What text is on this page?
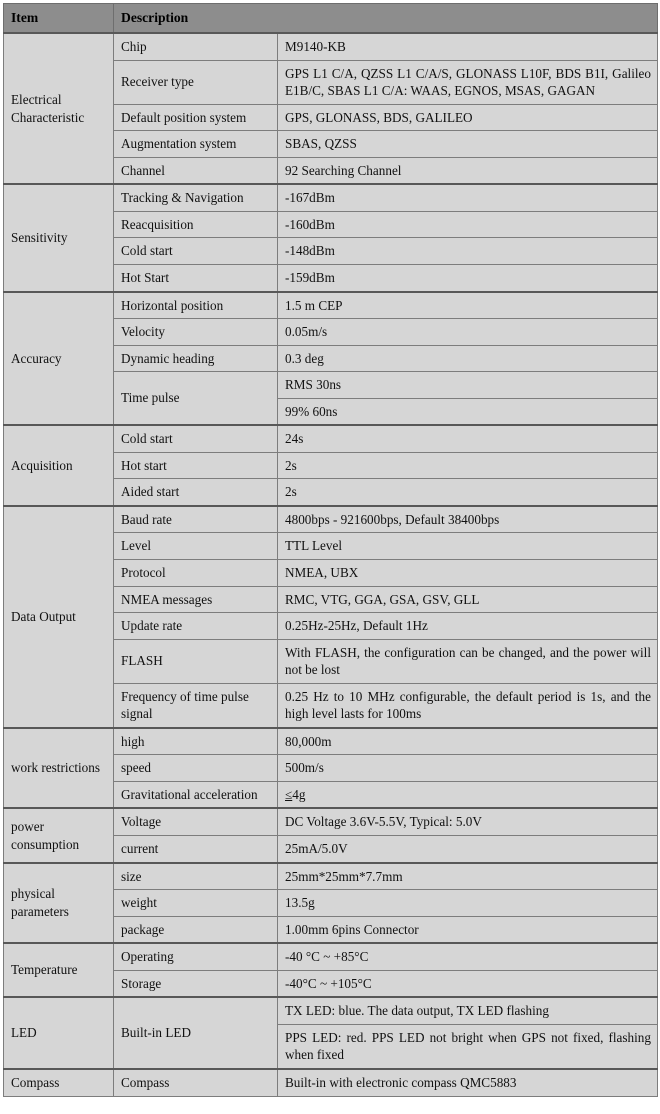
Item	Description	
Electrical Characteristic	Chip	M9140-KB
	Receiver type	GPS L1 C/A, QZSS L1 C/A/S, GLONASS L10F, BDS B1I, Galileo E1B/C, SBAS L1 C/A: WAAS, EGNOS, MSAS, GAGAN
	Default position system	GPS, GLONASS, BDS, GALILEO
	Augmentation system	SBAS, QZSS
	Channel	92 Searching Channel
Sensitivity	Tracking & Navigation	-167dBm
	Reacquisition	-160dBm
	Cold start	-148dBm
	Hot Start	-159dBm
Accuracy	Horizontal position	1.5 m CEP
	Velocity	0.05m/s
	Dynamic heading	0.3 deg
	Time pulse	RMS 30ns
		99% 60ns
Acquisition	Cold start	24s
	Hot start	2s
	Aided start	2s
Data Output	Baud rate	4800bps - 921600bps, Default 38400bps
	Level	TTL Level
	Protocol	NMEA, UBX
	NMEA messages	RMC, VTG, GGA, GSA, GSV, GLL
	Update rate	0.25Hz-25Hz, Default 1Hz
	FLASH	With FLASH, the configuration can be changed, and the power will not be lost
	Frequency of time pulse signal	0.25 Hz to 10 MHz configurable, the default period is 1s, and the high level lasts for 100ms
work restrictions	high	80,000m
	speed	500m/s
	Gravitational acceleration	≤4g
power consumption	Voltage	DC Voltage 3.6V-5.5V, Typical: 5.0V
	current	25mA/5.0V
physical parameters	size	25mm*25mm*7.7mm
	weight	13.5g
	package	1.00mm 6pins Connector
Temperature	Operating	-40 °C ~ +85°C
	Storage	-40°C ~ +105°C
LED	Built-in LED	TX LED: blue. The data output, TX LED flashing
		PPS LED: red. PPS LED not bright when GPS not fixed, flashing when fixed
Compass	Compass	Built-in with electronic compass QMC5883
